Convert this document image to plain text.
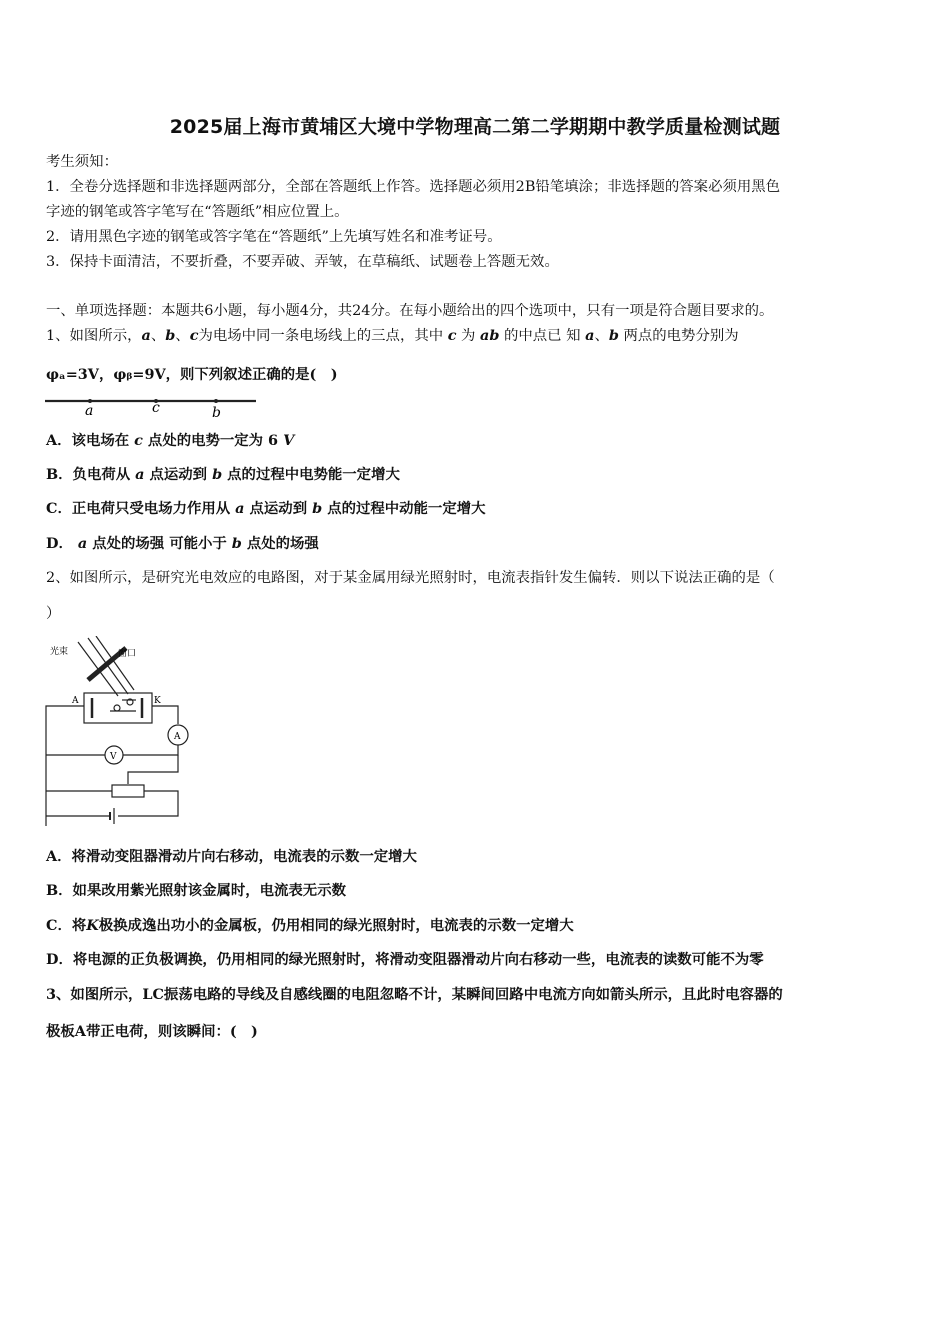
2025届上海市黄埔区大境中学物理高二第二学期期中教学质量检测试题
考生须知：
1．全卷分选择题和非选择题两部分，全部在答题纸上作答。选择题必须用2B铅笔填涂；非选择题的答案必须用黑色
字迹的钢笔或答字笔写在“答题纸”相应位置上。
2．请用黑色字迹的钢笔或答字笔在“答题纸”上先填写姓名和准考证号。
3．保持卡面清洁，不要折叠，不要弄破、弄皱，在草稿纸、试题卷上答题无效。
一、单项选择题：本题共6小题，每小题4分，共24分。在每小题给出的四个选项中，只有一项是符合题目要求的。
1、如图所示，a、b、c为电场中同一条电场线上的三点，其中 c 为 ab 的中点已 知 a、b 两点的电势分别为
φₐ=3V，φᵦ=9V，则下列叙述正确的是(　)
a	c	b
A．该电场在 c 点处的电势一定为 6 V
B．负电荷从 a 点运动到 b 点的过程中电势能一定增大
C．正电荷只受电场力作用从 a 点运动到 b 点的过程中动能一定增大
D． a 点处的场强 可能小于 b 点处的场强
2、如图所示，是研究光电效应的电路图，对于某金属用绿光照射时，电流表指针发生偏转．则以下说法正确的是（
）
光束	窗口
A	K
A
V
A．将滑动变阻器滑动片向右移动，电流表的示数一定增大
B．如果改用紫光照射该金属时，电流表无示数
C．将K极换成逸出功小的金属板，仍用相同的绿光照射时，电流表的示数一定增大
D．将电源的正负极调换，仍用相同的绿光照射时，将滑动变阻器滑动片向右移动一些，电流表的读数可能不为零
3、如图所示，LC振荡电路的导线及自感线圈的电阻忽略不计，某瞬间回路中电流方向如箭头所示，且此时电容器的
极板A带正电荷，则该瞬间：(　)
